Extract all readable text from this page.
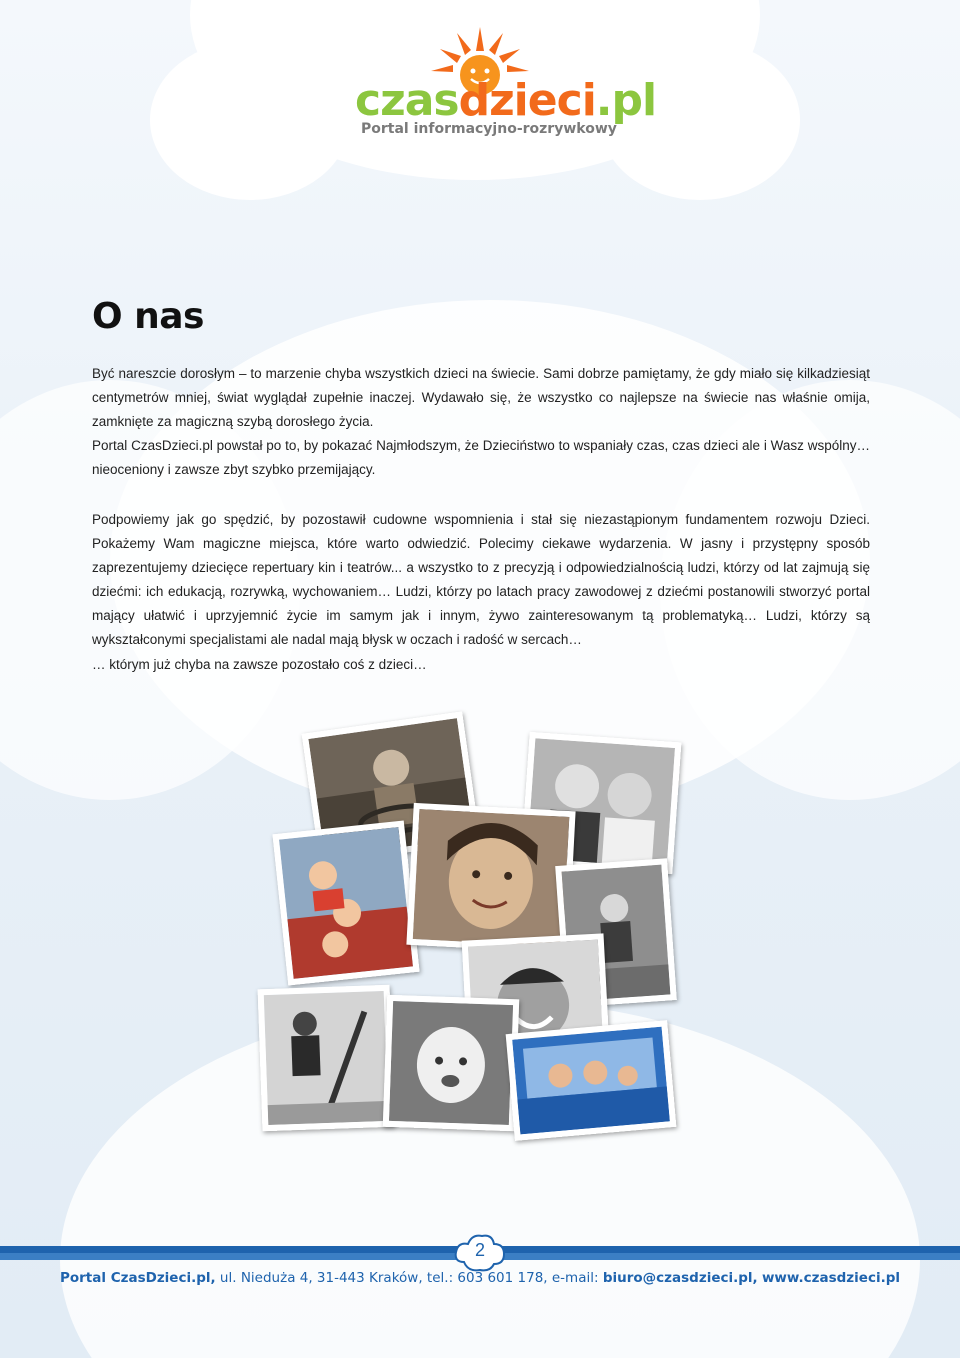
czasdzieci.pl
Portal informacyjno-rozrywkowy
O nas

Być nareszcie dorosłym – to marzenie chyba wszystkich dzieci na świecie. Sami dobrze pamiętamy, że gdy miało się kilkadziesiąt centymetrów mniej, świat wyglądał zupełnie inaczej. Wydawało się, że wszystko co najlepsze na świecie nas właśnie omija, zamknięte za magiczną szybą dorosłego życia.

Portal CzasDzieci.pl powstał po to, by pokazać Najmłodszym, że Dzieciństwo to wspaniały czas, czas dzieci ale i Wasz wspólny… nieoceniony i zawsze zbyt szybko przemijający.

Podpowiemy jak go spędzić, by pozostawił cudowne wspomnienia i stał się niezastąpionym fundamentem rozwoju Dzieci. Pokażemy Wam magiczne miejsca, które warto odwiedzić. Polecimy ciekawe wydarzenia. W jasny i przystępny sposób zaprezentujemy dziecięce repertuary kin i teatrów... a wszystko to z precyzją i odpowiedzialnością ludzi, którzy od lat zajmują się dziećmi: ich edukacją, rozrywką, wychowaniem… Ludzi, którzy po latach pracy zawodowej z dziećmi postanowili stworzyć portal mający ułatwić i uprzyjemnić życie im samym jak i innym, żywo zainteresowanym tą problematyką… Ludzi, którzy są wykształconymi specjalistami ale nadal mają błysk w oczach i radość w sercach…

… którym już chyba na zawsze pozostało coś z dzieci…

2
Portal CzasDzieci.pl, ul. Nieduża 4, 31-443 Kraków, tel.: 603 601 178, e-mail: biuro@czasdzieci.pl, www.czasdzieci.pl
